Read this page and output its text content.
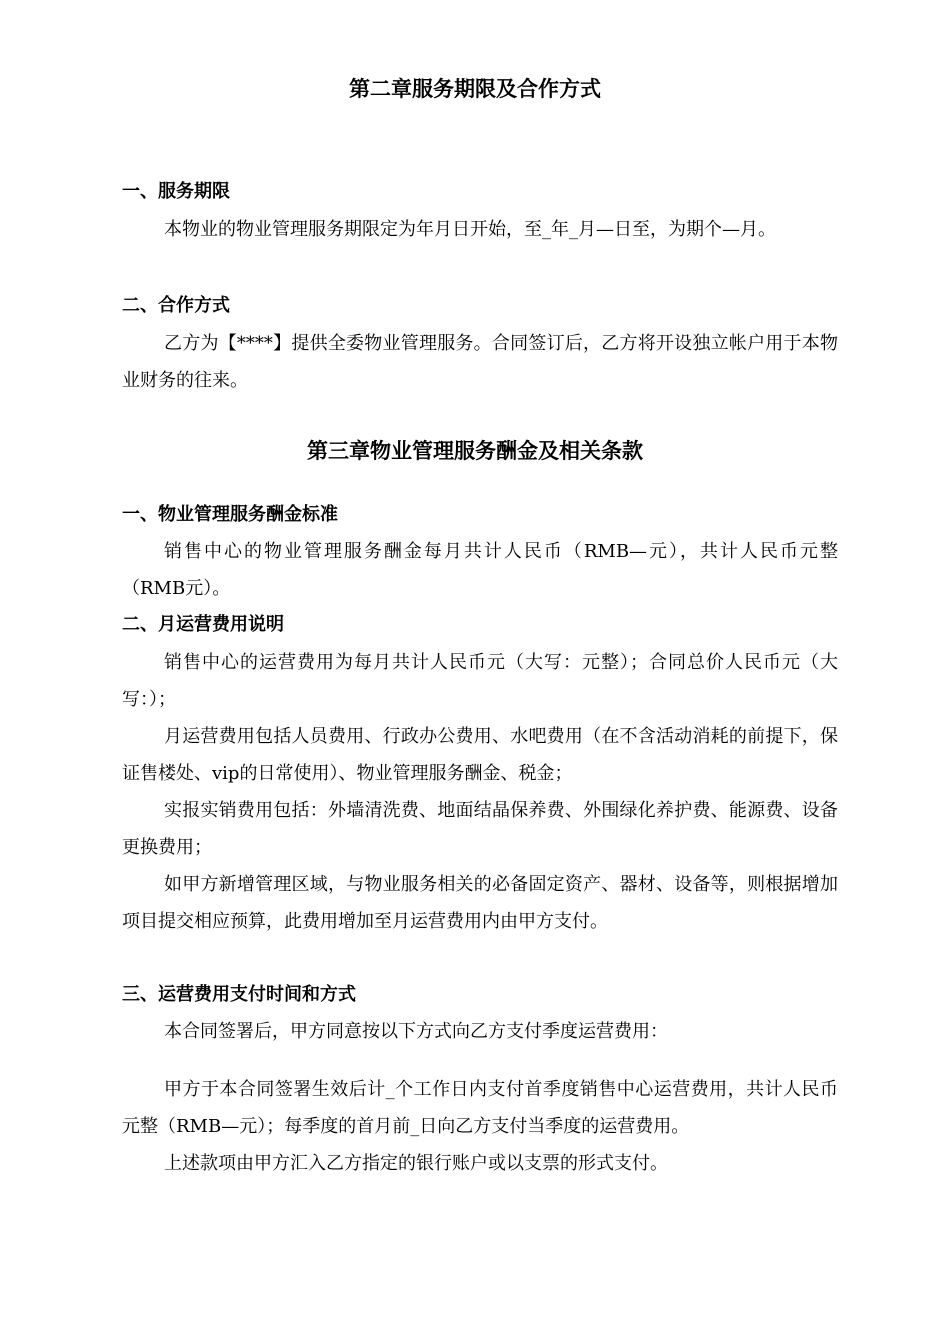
第二章服务期限及合作方式
一、服务期限
本物业的物业管理服务期限定为年月日开始，至_年_月—日至，为期个—月。
二、合作方式
乙方为【****】提供全委物业管理服务。合同签订后，乙方将开设独立帐户用于本物业财务的往来。
第三章物业管理服务酬金及相关条款
一、物业管理服务酬金标准
销售中心的物业管理服务酬金每月共计人民币（RMB—元），共计人民币元整（RMB元）。
二、月运营费用说明
销售中心的运营费用为每月共计人民币元（大写：元整）；合同总价人民币元（大写：）；
月运营费用包括人员费用、行政办公费用、水吧费用（在不含活动消耗的前提下，保证售楼处、vip的日常使用）、物业管理服务酬金、税金；
实报实销费用包括：外墙清洗费、地面结晶保养费、外围绿化养护费、能源费、设备更换费用；
如甲方新增管理区域，与物业服务相关的必备固定资产、器材、设备等，则根据增加项目提交相应预算，此费用增加至月运营费用内由甲方支付。
三、运营费用支付时间和方式
本合同签署后，甲方同意按以下方式向乙方支付季度运营费用：
甲方于本合同签署生效后计_个工作日内支付首季度销售中心运营费用，共计人民币元整（RMB—元）；每季度的首月前_日向乙方支付当季度的运营费用。
上述款项由甲方汇入乙方指定的银行账户或以支票的形式支付。
